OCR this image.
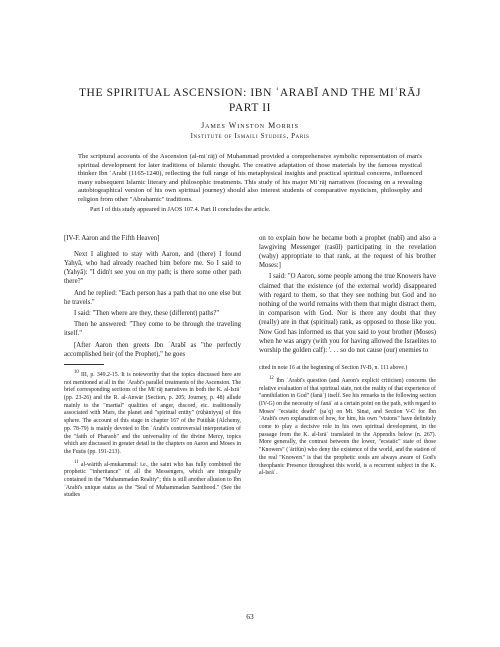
THE SPIRITUAL ASCENSION: IBN ʿARABĪ AND THE MIʿRĀJ
PART II
James Winston Morris
Institute of Ismaili Studies, Paris
The scriptural accounts of the Ascension (al-miʿrāj) of Muhammad provided a comprehensive symbolic representation of man's spiritual development for later traditions of Islamic thought. The creative adaptation of those materials by the famous mystical thinker Ibn ʿArabī (1165-1240), reflecting the full range of his metaphysical insights and practical spiritual concerns, influenced many subsequent Islamic literary and philosophic treatments. This study of his major Miʿrāj narratives (focusing on a revealing autobiographical version of his own spiritual journey) should also interest students of comparative mysticism, philosophy and religion from other "Abrahamic" traditions.
Part I of this study appeared in JAOS 107.4. Part II concludes the article.

[IV-F. Aaron and the Fifth Heaven]

Next I alighted to stay with Aaron, and (there) I found Yahyā, who had already reached him before me. So I said to (Yahyā): "I didn't see you on my path; is there some other path there?"

And he replied: "Each person has a path that no one else but he travels."

I said: "Then where are they, these (different) paths?"

Then he answered: "They come to be through the traveling itself."

[After Aaron then greets Ibn ʿArabī as "the perfectly accomplished heir (of the Prophet)," he goes

$^{10}$ III, p. 349.2-15. It is noteworthy that the topics discussed here are not mentioned at all in the ʿArabī's parallel treatments of the Ascension. The brief corresponding sections of the Miʿrāj narratives in both the K. al-Isrāʾ (pp. 23-26) and the R. al-Anwār (Section, p. 205; Journey, p. 48) allude mainly to the "martial" qualities of anger, discord, etc. traditionally associated with Mars, the planet and "spiritual entity" (rūḥāniyya) of this sphere. The account of this stage in chapter 167 of the Futūḥāt (Alchemy, pp. 78-79) is mainly devoted to Ibn ʿArabī's controversial interpretation of the "faith of Pharaoh" and the universality of the divine Mercy, topics which are discussed in greater detail in the chapters on Aaron and Moses in the Fuṣūṣ (pp. 191-213).

$^{11}$ al-wārith al-mukammal: i.e., the saint who has fully combined the prophetic "inheritance" of all the Messengers, which are integrally contained in the "Muhammadan Reality"; this is still another allusion to Ibn ʿArabī's unique status as the "Seal of Muhammadan Sainthood." (See the studies

on to explain how he became both a prophet (nabī) and also a lawgiving Messenger (rasūl) participating in the revelation (waḥy) appropriate to that rank, at the request of his brother Moses:]

I said: "O Aaron, some people among the true Knowers have claimed that the existence (of the external world) disappeared with regard to them, so that they see nothing but God and no nothing of the world remains with them that might distract them, in comparison with God. Nor is there any doubt that they (really) are in that (spiritual) rank, as opposed to those like you. Now God has informed us that you said to your brother (Moses) when he was angry (with you for having allowed the Israelites to worship the golden calf): '. . . so do not cause (our) enemies to

cited in note 16 at the beginning of Section IV-B, n. 111 above.)

$^{12}$ Ibn ʿArabī's question (and Aaron's explicit criticism) concerns the relative evaluation of that spiritual state, not the reality of that experience of "annihilation in God" (fanāʾ) itself. See his remarks in the following section (IV-G) on the necessity of fanāʾ at a certain point on the path, with regard to Moses' "ecstatic death" (ṣaʿq) on Mt. Sinai, and Section V-C for Ibn ʿArabī's own explanation of how, for him, his own "visions" have definitely come to play a decisive role in his own spiritual development, in the passage from the K. al-Isrāʾ translated in the Appendix below (n. 267). More generally, the contrast between the lower, "ecstatic" state of those "Knowers" (ʿārifūn) who deny the existence of the world, and the station of the real "Knowers" is that the prophetic souls are always aware of God's theophanic Presence throughout this world, is a recurrent subject in the K. al-Isrāʾ.

63
